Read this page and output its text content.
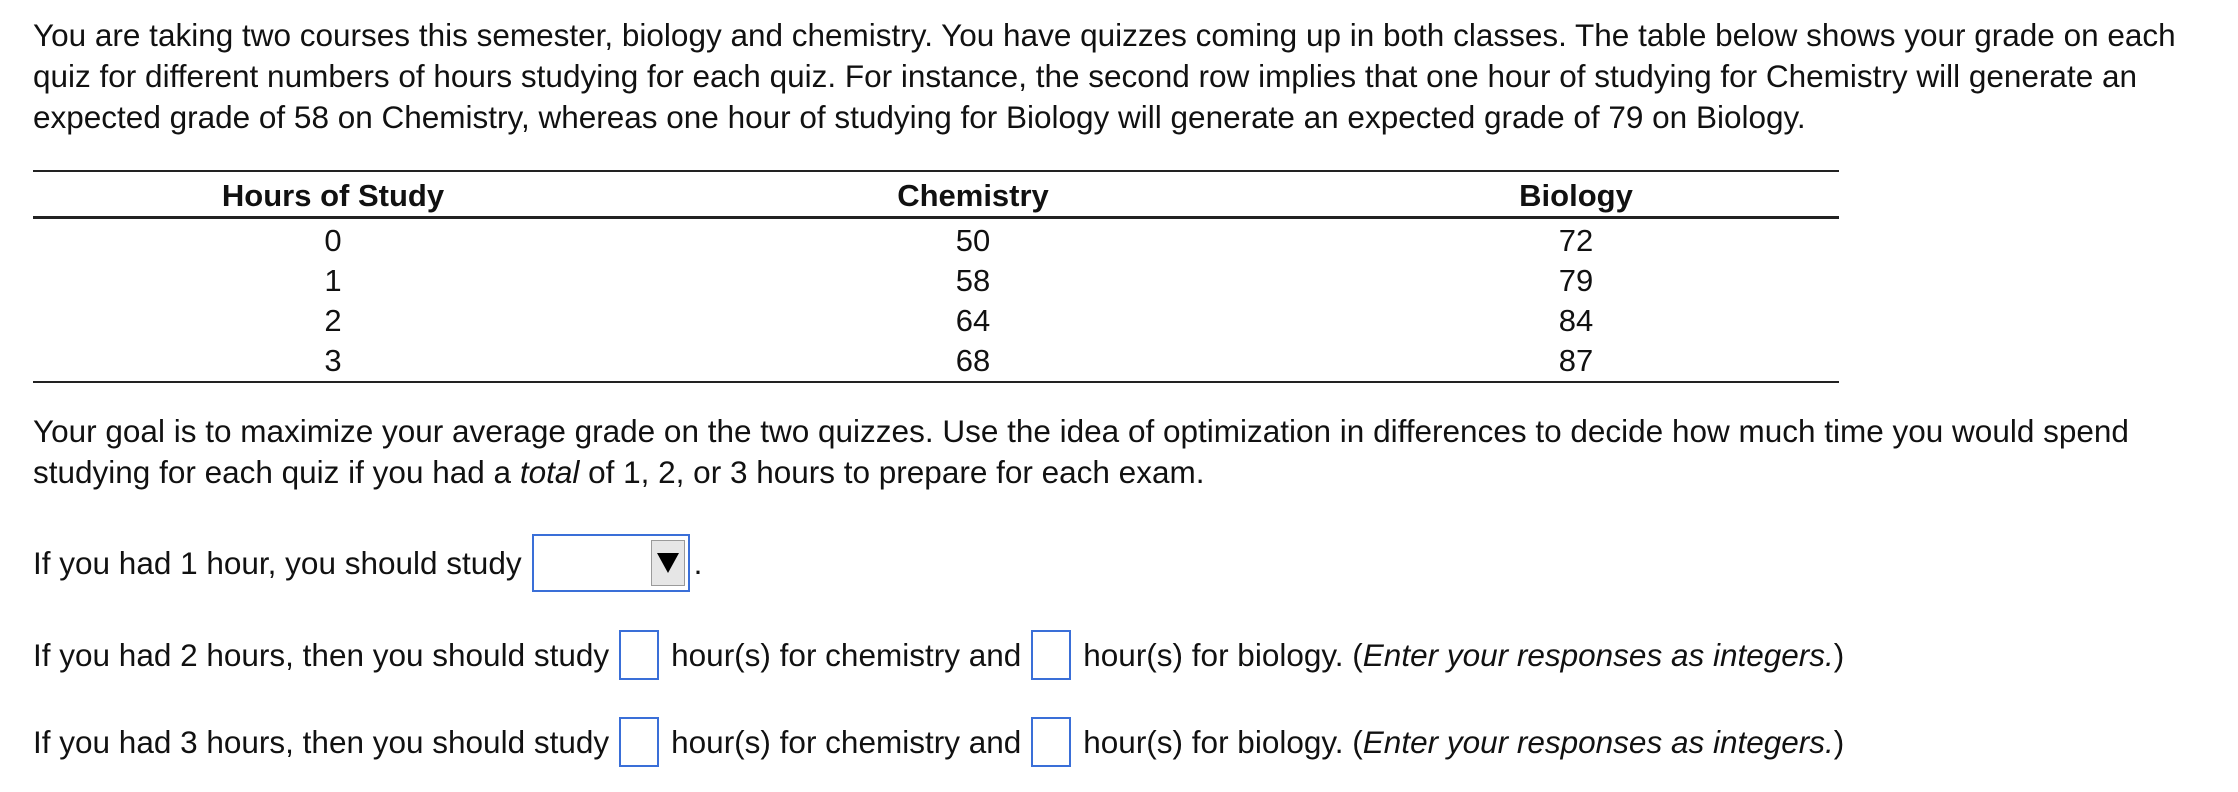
You are taking two courses this semester, biology and chemistry. You have quizzes coming up in both classes. The table below shows your grade on each quiz for different numbers of hours studying for each quiz. For instance, the second row implies that one hour of studying for Chemistry will generate an expected grade of 58 on Chemistry, whereas one hour of studying for Biology will generate an expected grade of 79 on Biology.

Hours of Study	Chemistry	Biology
0	50	72
1	58	79
2	64	84
3	68	87

Your goal is to maximize your average grade on the two quizzes. Use the idea of optimization in differences to decide how much time you would spend studying for each quiz if you had a total of 1, 2, or 3 hours to prepare for each exam.

If you had 1 hour, you should study	.
If you had 2 hours, then you should study hour(s) for chemistry and hour(s) for biology. (Enter your responses as integers.)
If you had 3 hours, then you should study hour(s) for chemistry and hour(s) for biology. (Enter your responses as integers.)
